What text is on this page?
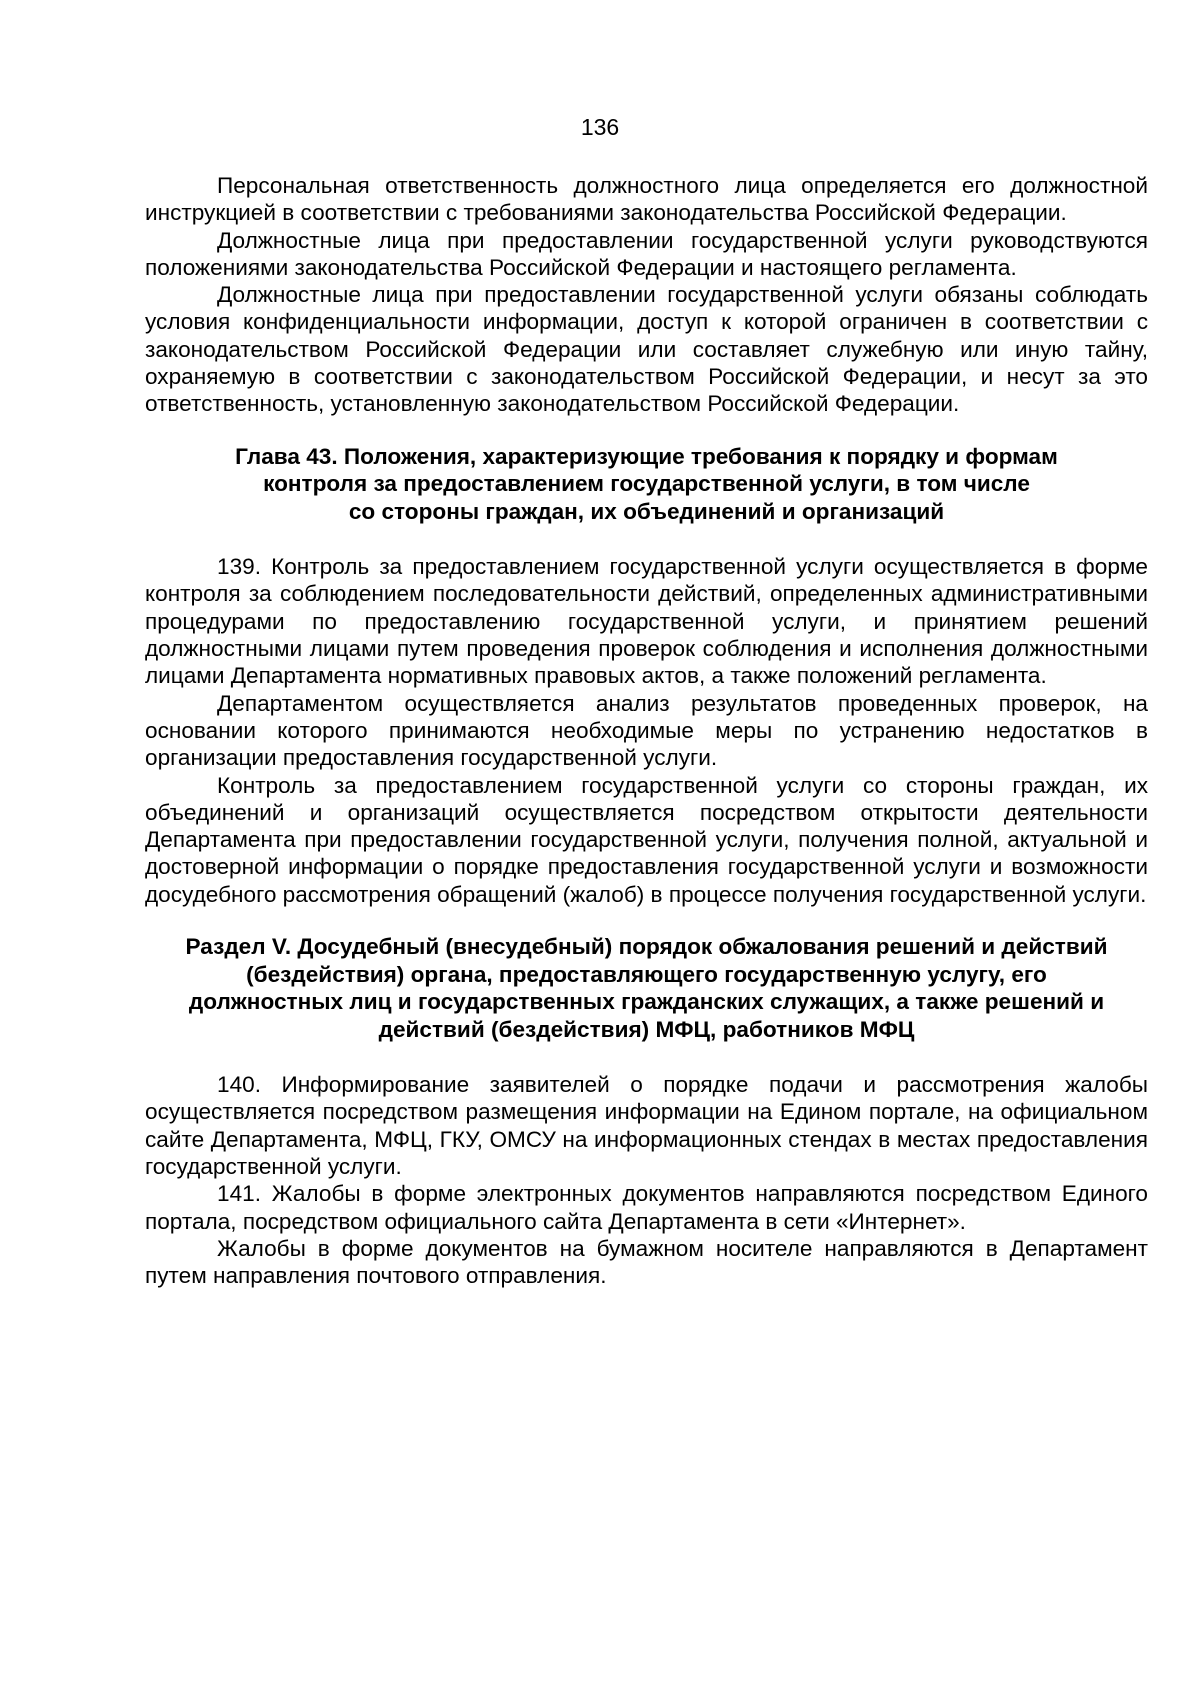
136

Персональная ответственность должностного лица определяется его должностной инструкцией в соответствии с требованиями законодательства Российской Федерации.

Должностные лица при предоставлении государственной услуги руководствуются положениями законодательства Российской Федерации и настоящего регламента.

Должностные лица при предоставлении государственной услуги обязаны соблюдать условия конфиденциальности информации, доступ к которой ограничен в соответствии с законодательством Российской Федерации или составляет служебную или иную тайну, охраняемую в соответствии с законодательством Российской Федерации, и несут за это ответственность, установленную законодательством Российской Федерации.

Глава 43. Положения, характеризующие требования к порядку и формам
контроля за предоставлением государственной услуги, в том числе
со стороны граждан, их объединений и организаций

139. Контроль за предоставлением государственной услуги осуществляется в форме контроля за соблюдением последовательности действий, определенных административными процедурами по предоставлению государственной услуги, и принятием решений должностными лицами путем проведения проверок соблюдения и исполнения должностными лицами Департамента нормативных правовых актов, а также положений регламента.

Департаментом осуществляется анализ результатов проведенных проверок, на основании которого принимаются необходимые меры по устранению недостатков в организации предоставления государственной услуги.

Контроль за предоставлением государственной услуги со стороны граждан, их объединений и организаций осуществляется посредством открытости деятельности Департамента при предоставлении государственной услуги, получения полной, актуальной и достоверной информации о порядке предоставления государственной услуги и возможности досудебного рассмотрения обращений (жалоб) в процессе получения государственной услуги.

Раздел V. Досудебный (внесудебный) порядок обжалования решений и действий
(бездействия) органа, предоставляющего государственную услугу, его
должностных лиц и государственных гражданских служащих, а также решений и
действий (бездействия) МФЦ, работников МФЦ

140. Информирование заявителей о порядке подачи и рассмотрения жалобы осуществляется посредством размещения информации на Едином портале, на официальном сайте Департамента, МФЦ, ГКУ, ОМСУ на информационных стендах в местах предоставления государственной услуги.

141. Жалобы в форме электронных документов направляются посредством Единого портала, посредством официального сайта Департамента в сети «Интернет».

Жалобы в форме документов на бумажном носителе направляются в Департамент путем направления почтового отправления.
